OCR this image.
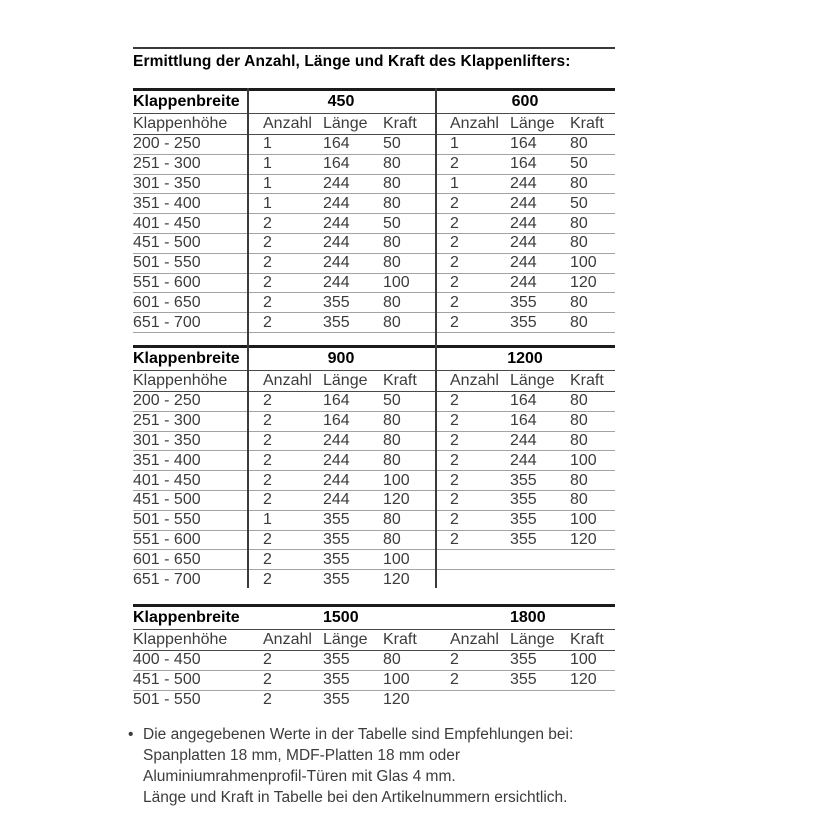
Ermittlung der Anzahl, Länge und Kraft des Klappenlifters:
Klappenbreite	450	600
Klappenhöhe	Anzahl Länge Kraft	Anzahl Länge Kraft
200 - 250	1	164	50	1	164	80
251 - 300	1	164	80	2	164	50
301 - 350	1	244	80	1	244	80
351 - 400	1	244	80	2	244	50
401 - 450	2	244	50	2	244	80
451 - 500	2	244	80	2	244	80
501 - 550	2	244	80	2	244	100
551 - 600	2	244	100	2	244	120
601 - 650	2	355	80	2	355	80
651 - 700	2	355	80	2	355	80
Klappenbreite	900	1200
Klappenhöhe	Anzahl Länge Kraft	Anzahl Länge Kraft
200 - 250	2	164	50	2	164	80
251 - 300	2	164	80	2	164	80
301 - 350	2	244	80	2	244	80
351 - 400	2	244	80	2	244	100
401 - 450	2	244	100	2	355	80
451 - 500	2	244	120	2	355	80
501 - 550	1	355	80	2	355	100
551 - 600	2	355	80	2	355	120
601 - 650	2	355	100
651 - 700	2	355	120
Klappenbreite	1500	1800
Klappenhöhe	Anzahl Länge Kraft	Anzahl Länge Kraft
400 - 450	2	355	80	2	355	100
451 - 500	2	355	100	2	355	120
501 - 550	2	355	120
• Die angegebenen Werte in der Tabelle sind Empfehlungen bei:
Spanplatten 18 mm, MDF-Platten 18 mm oder
Aluminiumrahmenprofil-Türen mit Glas 4 mm.
Länge und Kraft in Tabelle bei den Artikelnummern ersichtlich.
